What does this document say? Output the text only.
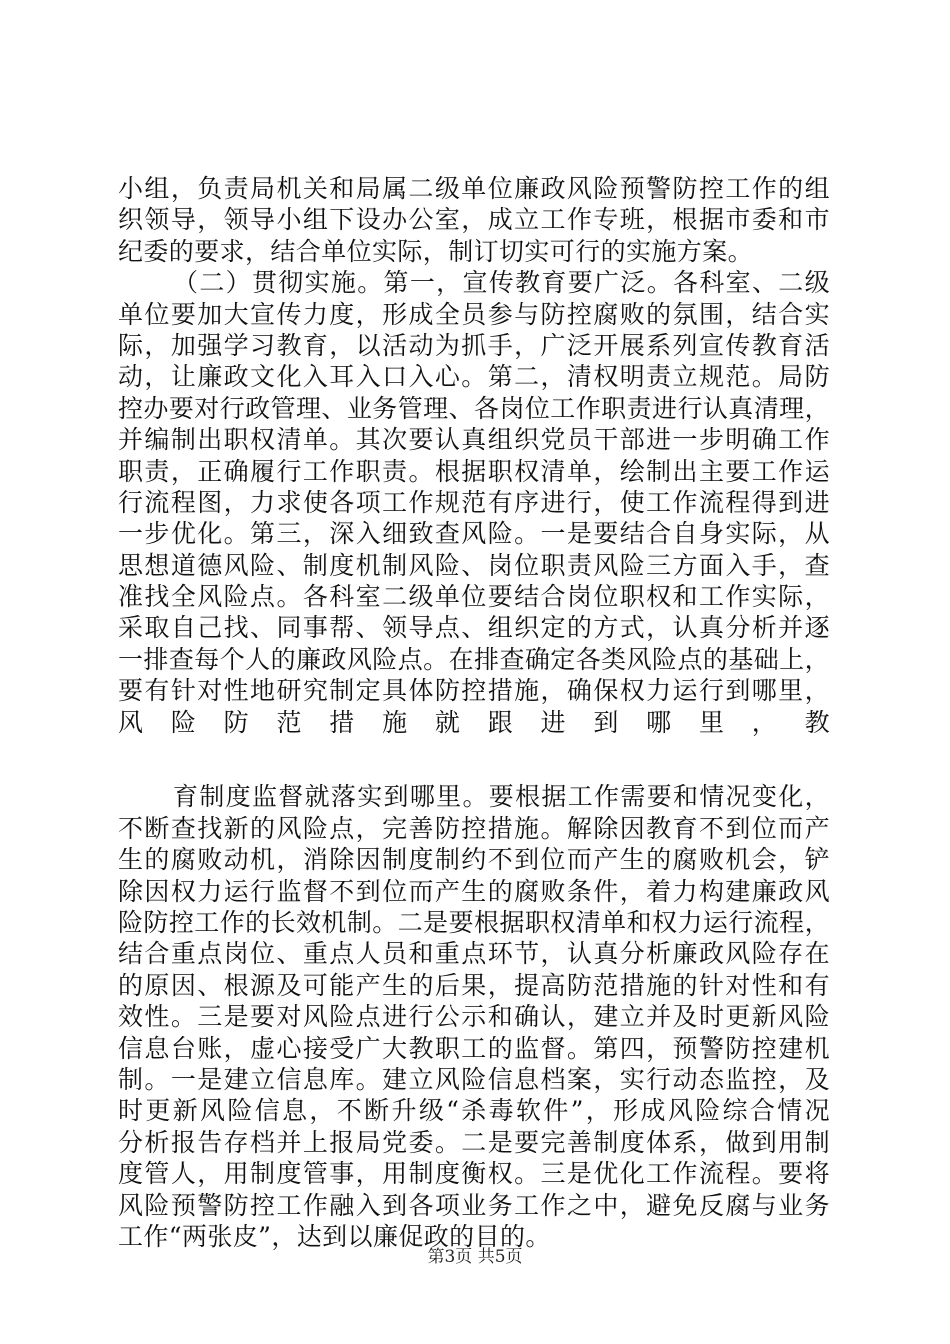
小组，负责局机关和局属二级单位廉政风险预警防控工作的组
织领导，领导小组下设办公室，成立工作专班，根据市委和市
纪委的要求，结合单位实际，制订切实可行的实施方案。
（二）贯彻实施。第一，宣传教育要广泛。各科室、二级
单位要加大宣传力度，形成全员参与防控腐败的氛围，结合实
际，加强学习教育，以活动为抓手，广泛开展系列宣传教育活
动，让廉政文化入耳入口入心。第二，清权明责立规范。局防
控办要对行政管理、业务管理、各岗位工作职责进行认真清理，
并编制出职权清单。其次要认真组织党员干部进一步明确工作
职责，正确履行工作职责。根据职权清单，绘制出主要工作运
行流程图，力求使各项工作规范有序进行，使工作流程得到进
一步优化。第三，深入细致查风险。一是要结合自身实际，从
思想道德风险、制度机制风险、岗位职责风险三方面入手，查
准找全风险点。各科室二级单位要结合岗位职权和工作实际，
采取自己找、同事帮、领导点、组织定的方式，认真分析并逐
一排查每个人的廉政风险点。在排查确定各类风险点的基础上，
要有针对性地研究制定具体防控措施，确保权力运行到哪里，
风险防范措施就跟进到哪里，教
育制度监督就落实到哪里。要根据工作需要和情况变化，
不断查找新的风险点，完善防控措施。解除因教育不到位而产
生的腐败动机，消除因制度制约不到位而产生的腐败机会，铲
除因权力运行监督不到位而产生的腐败条件，着力构建廉政风
险防控工作的长效机制。二是要根据职权清单和权力运行流程，
结合重点岗位、重点人员和重点环节，认真分析廉政风险存在
的原因、根源及可能产生的后果，提高防范措施的针对性和有
效性。三是要对风险点进行公示和确认，建立并及时更新风险
信息台账，虚心接受广大教职工的监督。第四，预警防控建机
制。一是建立信息库。建立风险信息档案，实行动态监控，及
时更新风险信息，不断升级“杀毒软件”，形成风险综合情况
分析报告存档并上报局党委。二是要完善制度体系，做到用制
度管人，用制度管事，用制度衡权。三是优化工作流程。要将
风险预警防控工作融入到各项业务工作之中，避免反腐与业务
工作“两张皮”，达到以廉促政的目的。
第3页 共5页
